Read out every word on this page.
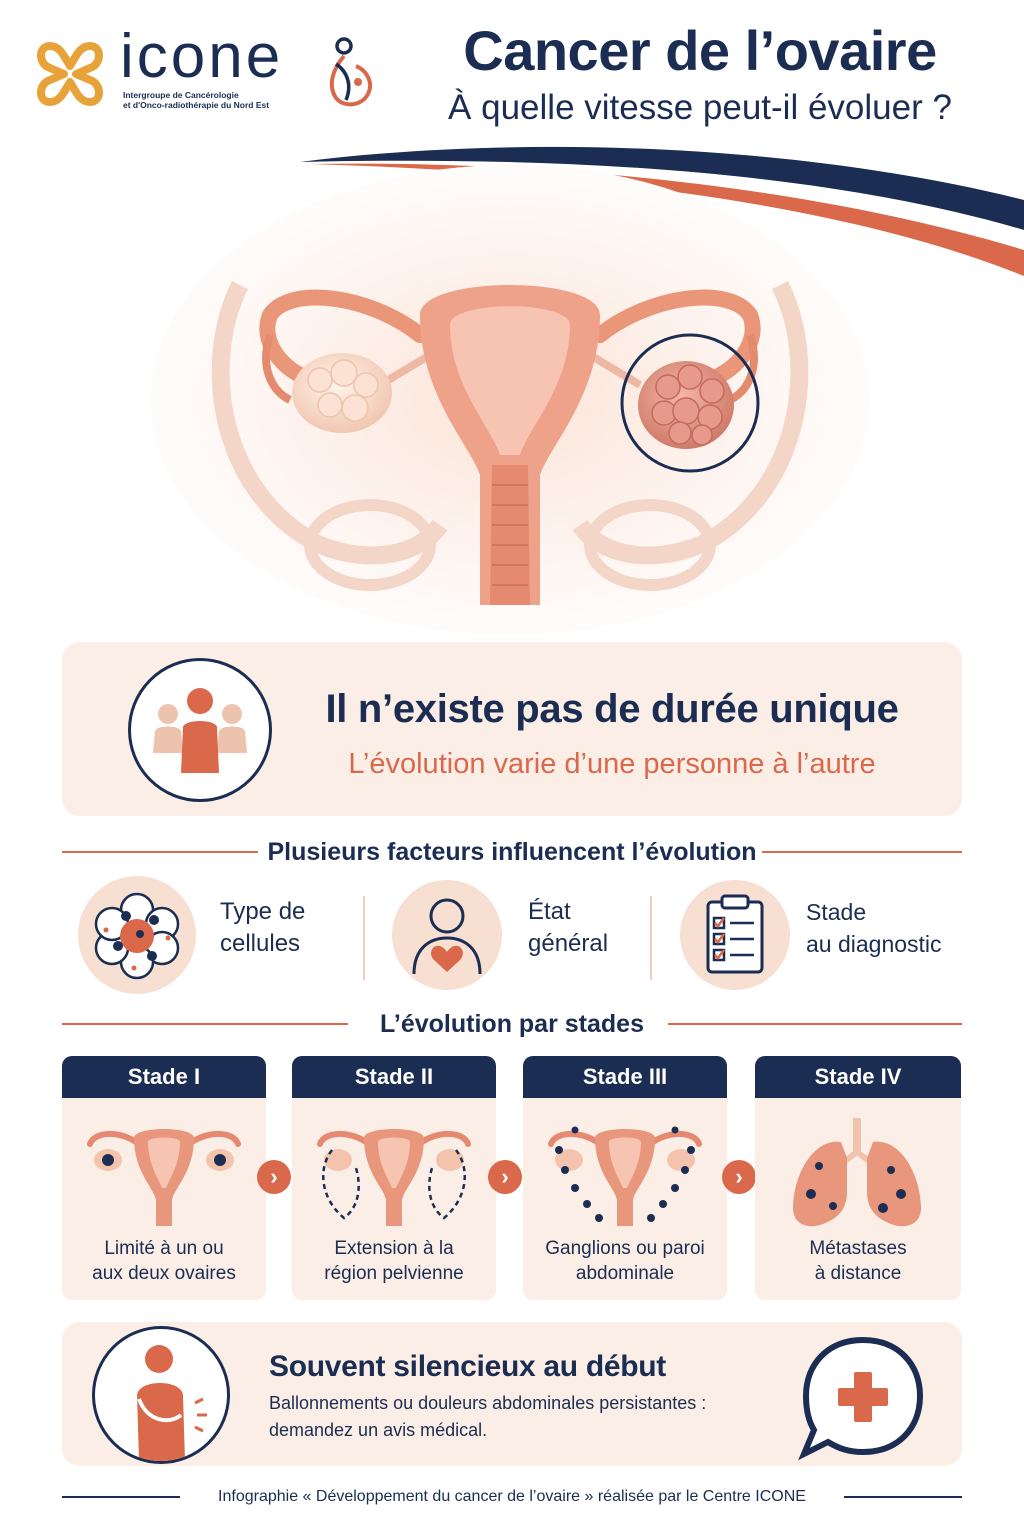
icone
Intergroupe de Cancérologie
et d'Onco-radiothérapie du Nord Est
Cancer de l’ovaire
À quelle vitesse peut-il évoluer ?
Il n’existe pas de durée unique
L’évolution varie d’une personne à l’autre
Plusieurs facteurs influencent l’évolution
Type de
cellules
État
général
Stade
au diagnostic
L’évolution par stades
Stade I
Limité à un ou
aux deux ovaires
›
Stade II
Extension à la
région pelvienne
›
Stade III
Ganglions ou paroi
abdominale
›
Stade IV
Métastases
à distance
Souvent silencieux au début
Ballonnements ou douleurs abdominales persistantes :
demandez un avis médical.
Infographie « Développement du cancer de l’ovaire » réalisée par le Centre ICONE
